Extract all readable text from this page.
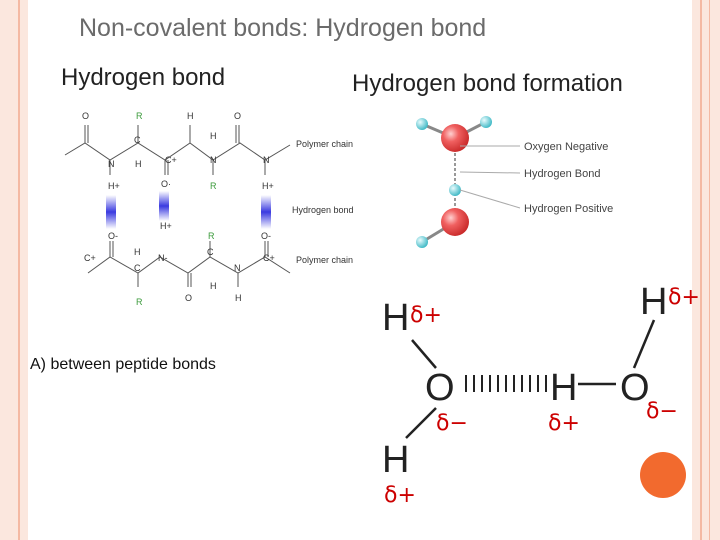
Non-covalent bonds: Hydrogen bond
Hydrogen bond	Hydrogen bond formation
O	R	H	O
C	H
N H	C+	N	N
H+	O·	R	H+
O-
H+
R	O-
H	C
C+	N-	C+
C	N
H
R	O	H
Polymer chain
Hydrogen bond
Polymer chain
A) between peptide bonds
Oxygen Negative
Hydrogen Bond
Hydrogen Positive
H δ+
O
δ−
H
δ+
H
δ+
O
δ−
H δ+
